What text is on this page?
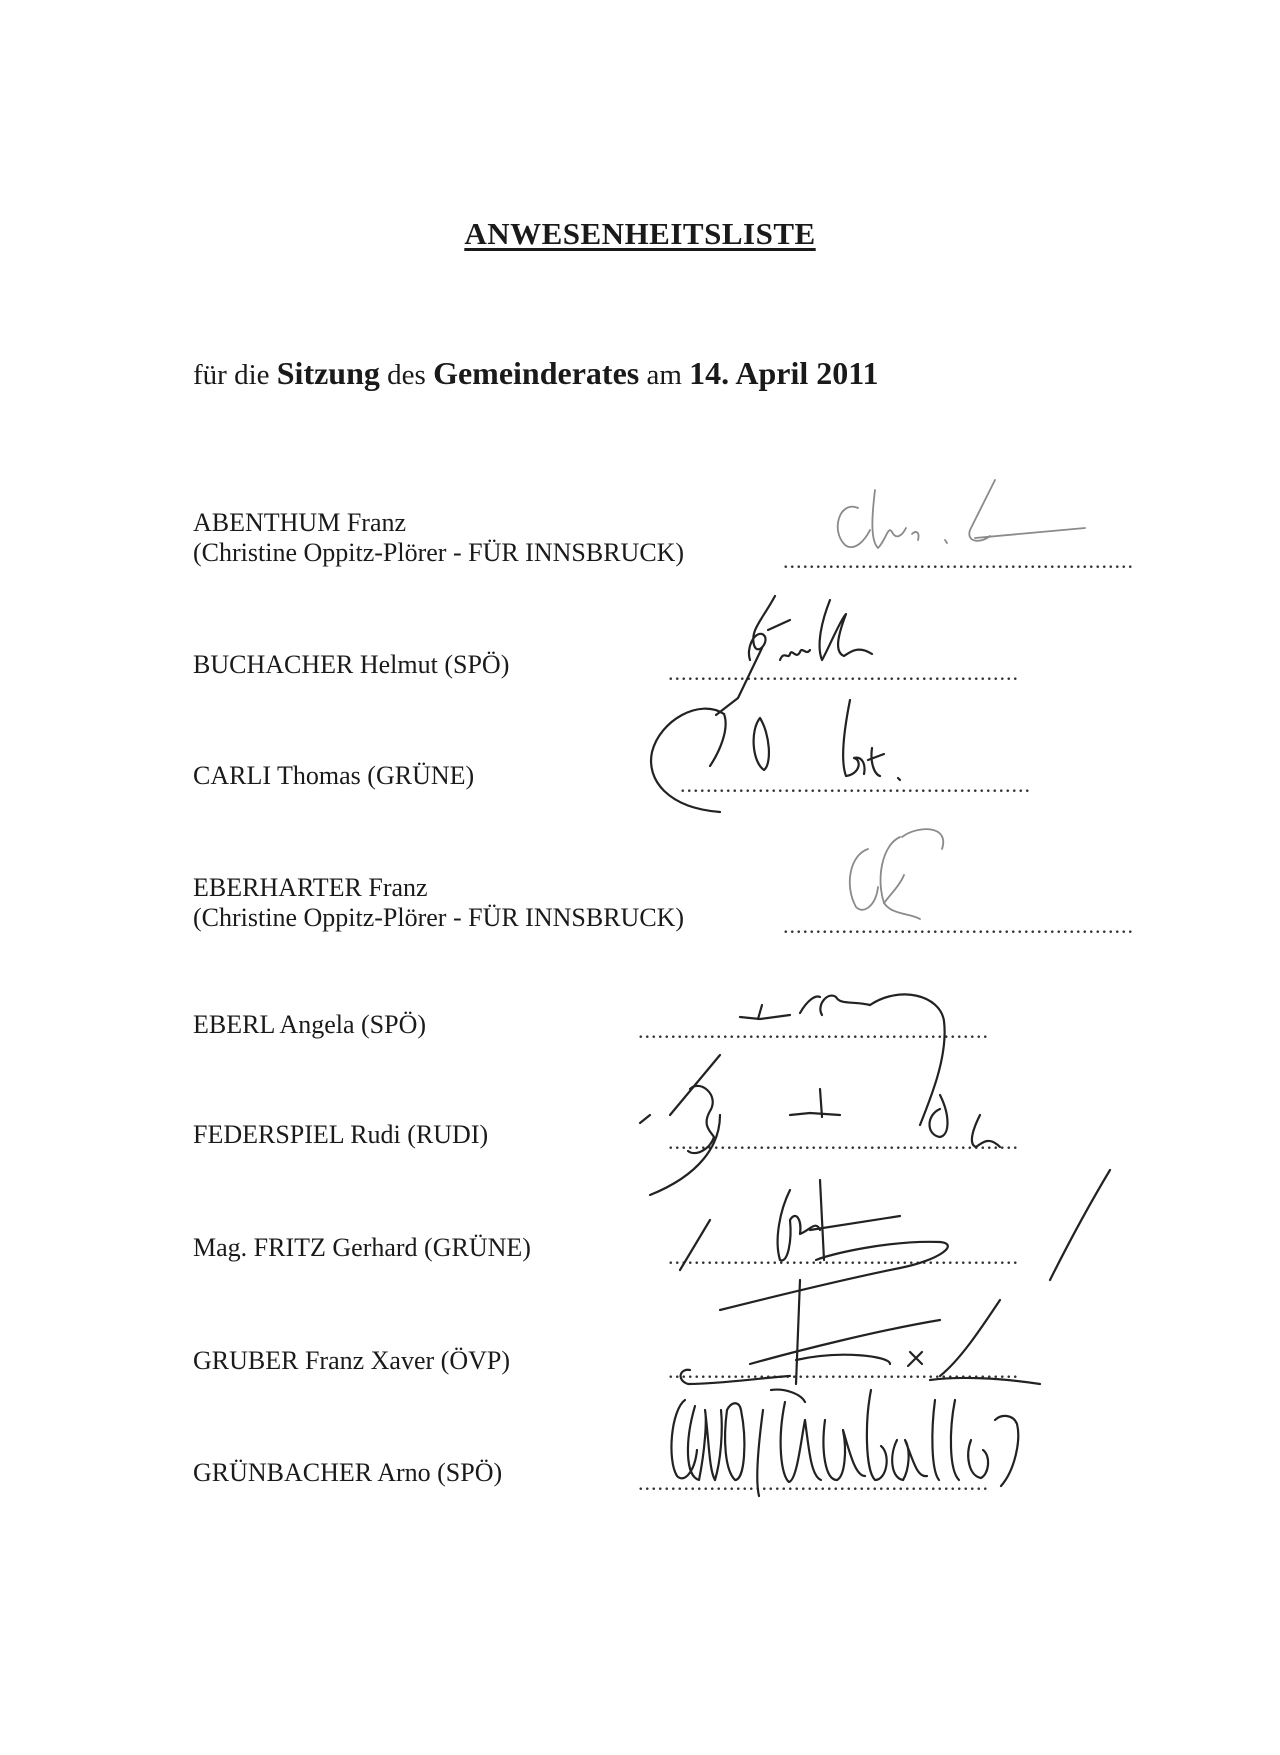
ANWESENHEITSLISTE
für die Sitzung des Gemeinderates am 14. April 2011
ABENTHUM Franz
(Christine Oppitz-Plörer - FÜR INNSBRUCK)	......................................................
BUCHACHER Helmut (SPÖ)	......................................................
CARLI Thomas (GRÜNE)	......................................................
EBERHARTER Franz
(Christine Oppitz-Plörer - FÜR INNSBRUCK)	......................................................
EBERL Angela (SPÖ)	......................................................
FEDERSPIEL Rudi (RUDI)	......................................................
Mag. FRITZ Gerhard (GRÜNE)	......................................................
GRUBER Franz Xaver (ÖVP)	......................................................
GRÜNBACHER Arno (SPÖ)	......................................................
